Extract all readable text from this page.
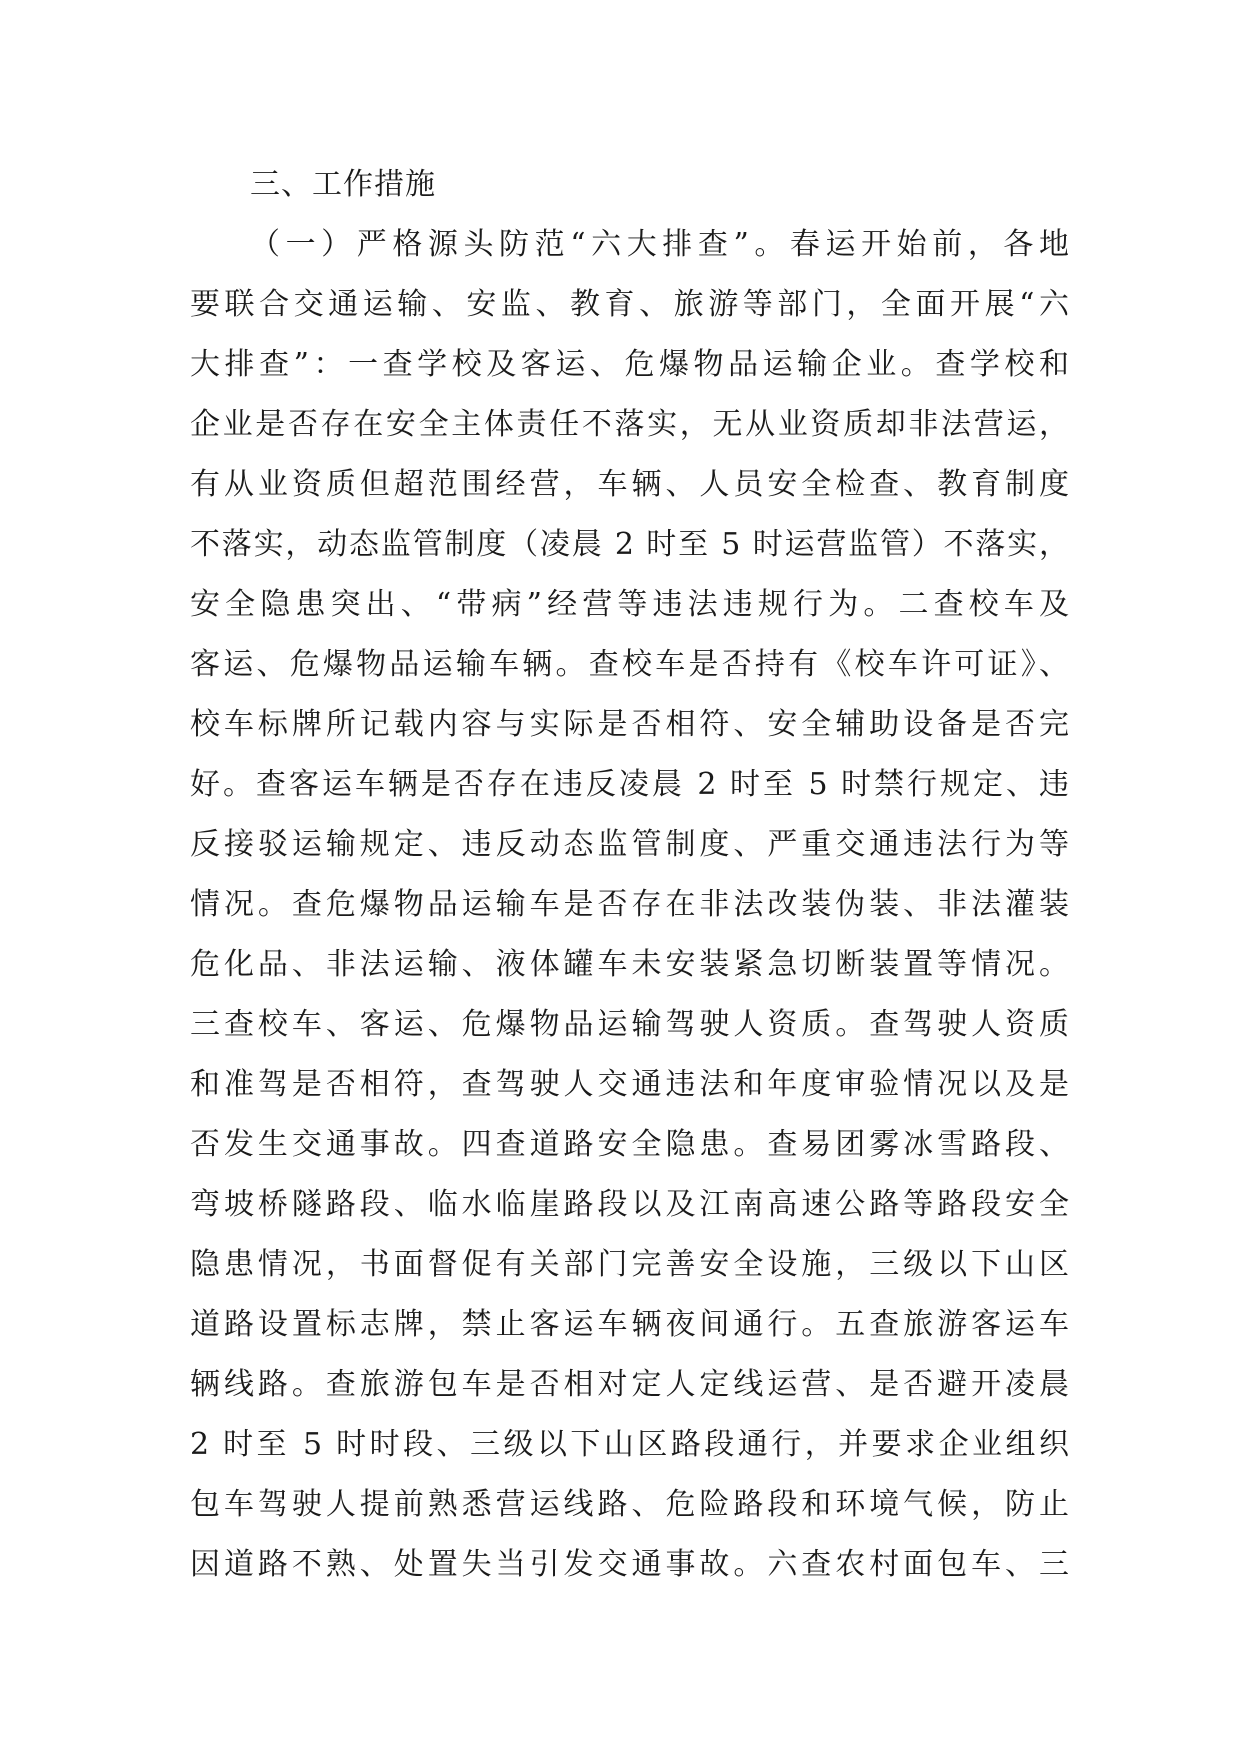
三、工作措施
（一）严格源头防范“六大排查”。春运开始前，各地
要联合交通运输、安监、教育、旅游等部门，全面开展“六
大排查”：一查学校及客运、危爆物品运输企业。查学校和
企业是否存在安全主体责任不落实，无从业资质却非法营运，
有从业资质但超范围经营，车辆、人员安全检查、教育制度
不落实，动态监管制度（凌晨 2 时至 5 时运营监管）不落实，
安全隐患突出、“带病”经营等违法违规行为。二查校车及
客运、危爆物品运输车辆。查校车是否持有《校车许可证》、
校车标牌所记载内容与实际是否相符、安全辅助设备是否完
好。查客运车辆是否存在违反凌晨 2 时至 5 时禁行规定、违
反接驳运输规定、违反动态监管制度、严重交通违法行为等
情况。查危爆物品运输车是否存在非法改装伪装、非法灌装
危化品、非法运输、液体罐车未安装紧急切断装置等情况。
三查校车、客运、危爆物品运输驾驶人资质。查驾驶人资质
和准驾是否相符，查驾驶人交通违法和年度审验情况以及是
否发生交通事故。四查道路安全隐患。查易团雾冰雪路段、
弯坡桥隧路段、临水临崖路段以及江南高速公路等路段安全
隐患情况，书面督促有关部门完善安全设施，三级以下山区
道路设置标志牌，禁止客运车辆夜间通行。五查旅游客运车
辆线路。查旅游包车是否相对定人定线运营、是否避开凌晨
2 时至 5 时时段、三级以下山区路段通行，并要求企业组织
包车驾驶人提前熟悉营运线路、危险路段和环境气候，防止
因道路不熟、处置失当引发交通事故。六查农村面包车、三
